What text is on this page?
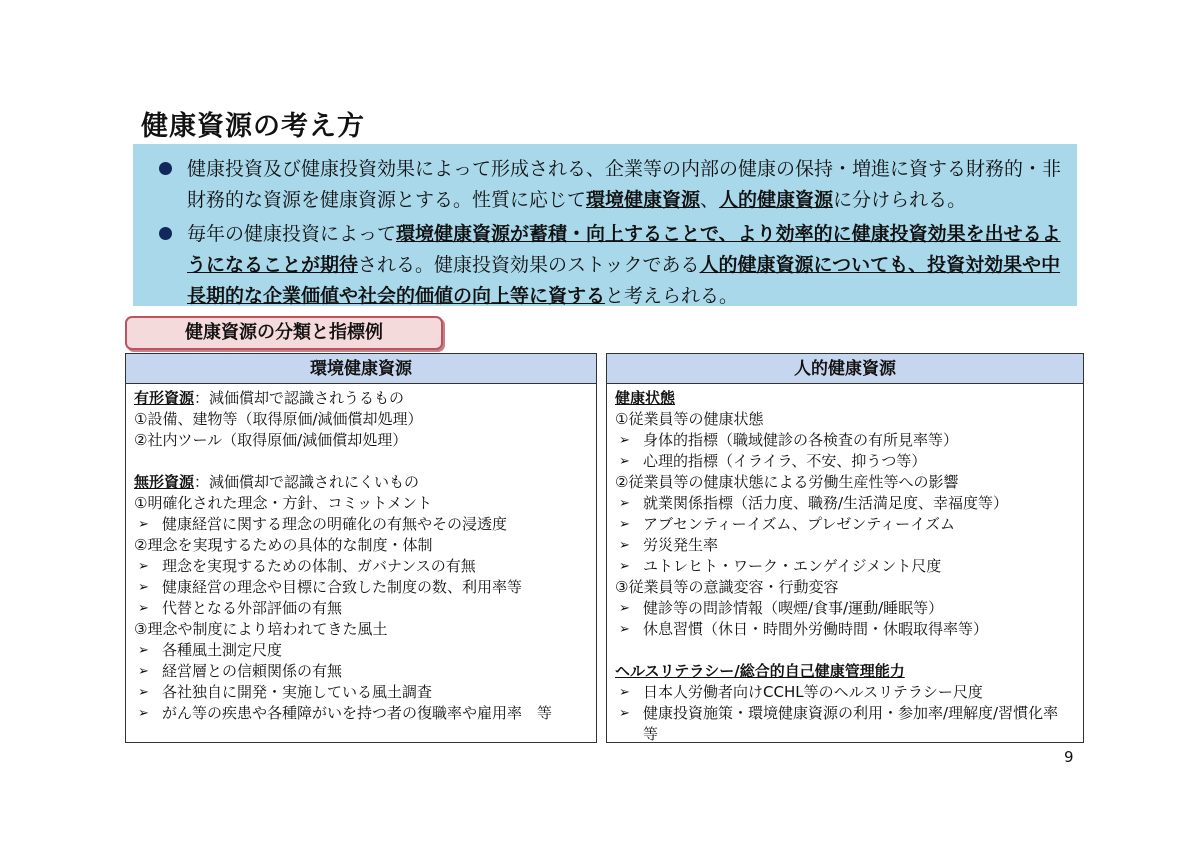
健康資源の考え方
健康投資及び健康投資効果によって形成される、企業等の内部の健康の保持・増進に資する財務的・非財務的な資源を健康資源とする。性質に応じて環境健康資源、人的健康資源に分けられる。
毎年の健康投資によって環境健康資源が蓄積・向上することで、より効率的に健康投資効果を出せるようになることが期待される。健康投資効果のストックである人的健康資源についても、投資対効果や中長期的な企業価値や社会的価値の向上等に資すると考えられる。
健康資源の分類と指標例
環境健康資源
有形資源：減価償却で認識されうるもの
①設備、建物等（取得原価/減価償却処理）
②社内ツール（取得原価/減価償却処理）
無形資源：減価償却で認識されにくいもの
①明確化された理念・方針、コミットメント
➢ 健康経営に関する理念の明確化の有無やその浸透度
②理念を実現するための具体的な制度・体制
➢ 理念を実現するための体制、ガバナンスの有無
➢ 健康経営の理念や目標に合致した制度の数、利用率等
➢ 代替となる外部評価の有無
③理念や制度により培われてきた風土
➢ 各種風土測定尺度
➢ 経営層との信頼関係の有無
➢ 各社独自に開発・実施している風土調査
➢ がん等の疾患や各種障がいを持つ者の復職率や雇用率　等
人的健康資源
健康状態
①従業員等の健康状態
➢ 身体的指標（職域健診の各検査の有所見率等）
➢ 心理的指標（イライラ、不安、抑うつ等）
②従業員等の健康状態による労働生産性等への影響
➢ 就業関係指標（活力度、職務/生活満足度、幸福度等）
➢ アブセンティーイズム、プレゼンティーイズム
➢ 労災発生率
➢ ユトレヒト・ワーク・エンゲイジメント尺度
③従業員等の意識変容・行動変容
➢ 健診等の問診情報（喫煙/食事/運動/睡眠等）
➢ 休息習慣（休日・時間外労働時間・休暇取得率等）
ヘルスリテラシー/総合的自己健康管理能力
➢ 日本人労働者向けCCHL等のヘルスリテラシー尺度
➢ 健康投資施策・環境健康資源の利用・参加率/理解度/習慣化率　 等
9
